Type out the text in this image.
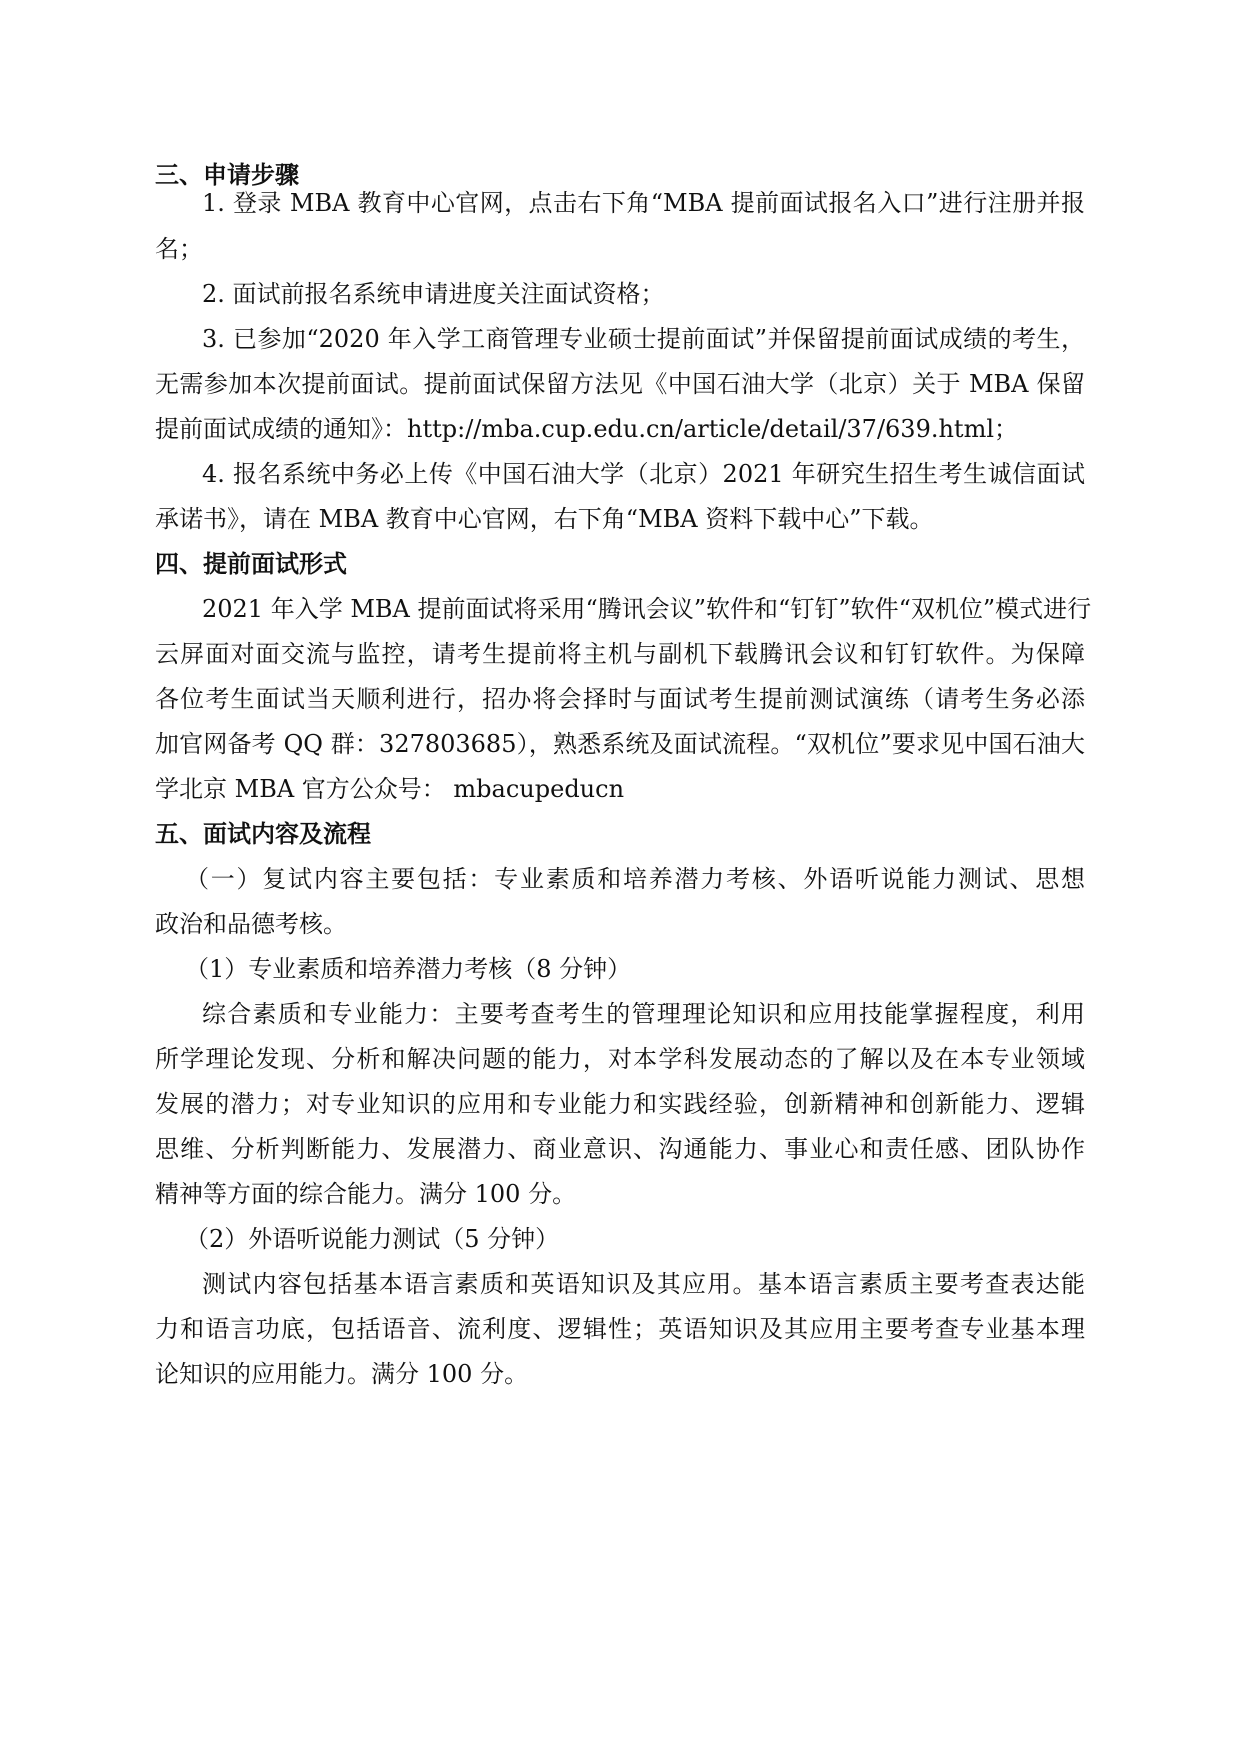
三、申请步骤
1. 登录 MBA 教育中心官网，点击右下角“MBA 提前面试报名入口”进行注册并报
名；
2. 面试前报名系统申请进度关注面试资格；
3. 已参加“2020 年入学工商管理专业硕士提前面试”并保留提前面试成绩的考生，
无需参加本次提前面试。提前面试保留方法见《中国石油大学（北京）关于 MBA 保留
提前面试成绩的通知》：http://mba.cup.edu.cn/article/detail/37/639.html；
4. 报名系统中务必上传《中国石油大学（北京）2021 年研究生招生考生诚信面试
承诺书》，请在 MBA 教育中心官网，右下角“MBA 资料下载中心”下载。
四、提前面试形式
2021 年入学 MBA 提前面试将采用“腾讯会议”软件和“钉钉”软件“双机位”模式进行
云屏面对面交流与监控，请考生提前将主机与副机下载腾讯会议和钉钉软件。为保障
各位考生面试当天顺利进行，招办将会择时与面试考生提前测试演练（请考生务必添
加官网备考 QQ 群：327803685），熟悉系统及面试流程。“双机位”要求见中国石油大
学北京 MBA 官方公众号： mbacupeducn
五、面试内容及流程
（一）复试内容主要包括：专业素质和培养潜力考核、外语听说能力测试、思想
政治和品德考核。
（1）专业素质和培养潜力考核（8 分钟）
综合素质和专业能力：主要考查考生的管理理论知识和应用技能掌握程度，利用
所学理论发现、分析和解决问题的能力，对本学科发展动态的了解以及在本专业领域
发展的潜力；对专业知识的应用和专业能力和实践经验，创新精神和创新能力、逻辑
思维、分析判断能力、发展潜力、商业意识、沟通能力、事业心和责任感、团队协作
精神等方面的综合能力。满分 100 分。
（2）外语听说能力测试（5 分钟）
测试内容包括基本语言素质和英语知识及其应用。基本语言素质主要考查表达能
力和语言功底，包括语音、流利度、逻辑性；英语知识及其应用主要考查专业基本理
论知识的应用能力。满分 100 分。
